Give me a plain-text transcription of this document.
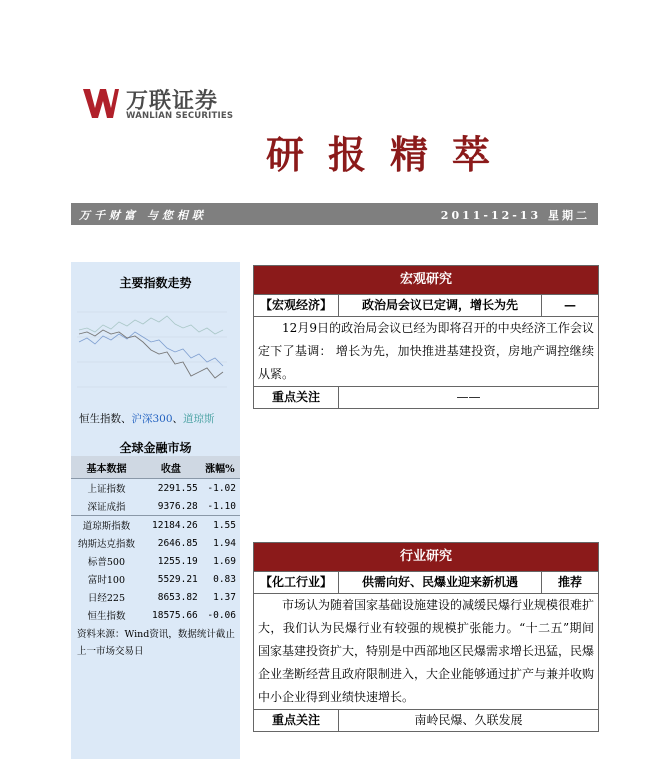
万联证券
WANLIAN SECURITIES
研报精萃
万千财富 与您相联	2011-12-13 星期二
主要指数走势
恒生指数、沪深300、道琼斯
全球金融市场
基本数据	收盘	涨幅%
上证指数	2291.55	-1.02
深证成指	9376.28	-1.10
道琼斯指数	12184.26	1.55
纳斯达克指数	2646.85	1.94
标普500	1255.19	1.69
富时100	5529.21	0.83
日经225	8653.82	1.37
恒生指数	18575.66	-0.06
资料来源：Wind资讯，数据统计截止上一市场交易日
宏观研究
【宏观经济】	政治局会议已定调，增长为先	—
12月9日的政治局会议已经为即将召开的中央经济工作会议定下了基调： 增长为先，加快推进基建投资，房地产调控继续从紧。
重点关注	——
行业研究
【化工行业】	供需向好、民爆业迎来新机遇	推荐
市场认为随着国家基础设施建设的减缓民爆行业规模很难扩大，我们认为民爆行业有较强的规模扩张能力。“十二五”期间国家基建投资扩大，特别是中西部地区民爆需求增长迅猛，民爆企业垄断经营且政府限制进入，大企业能够通过扩产与兼并收购中小企业得到业绩快速增长。
重点关注	南岭民爆、久联发展
